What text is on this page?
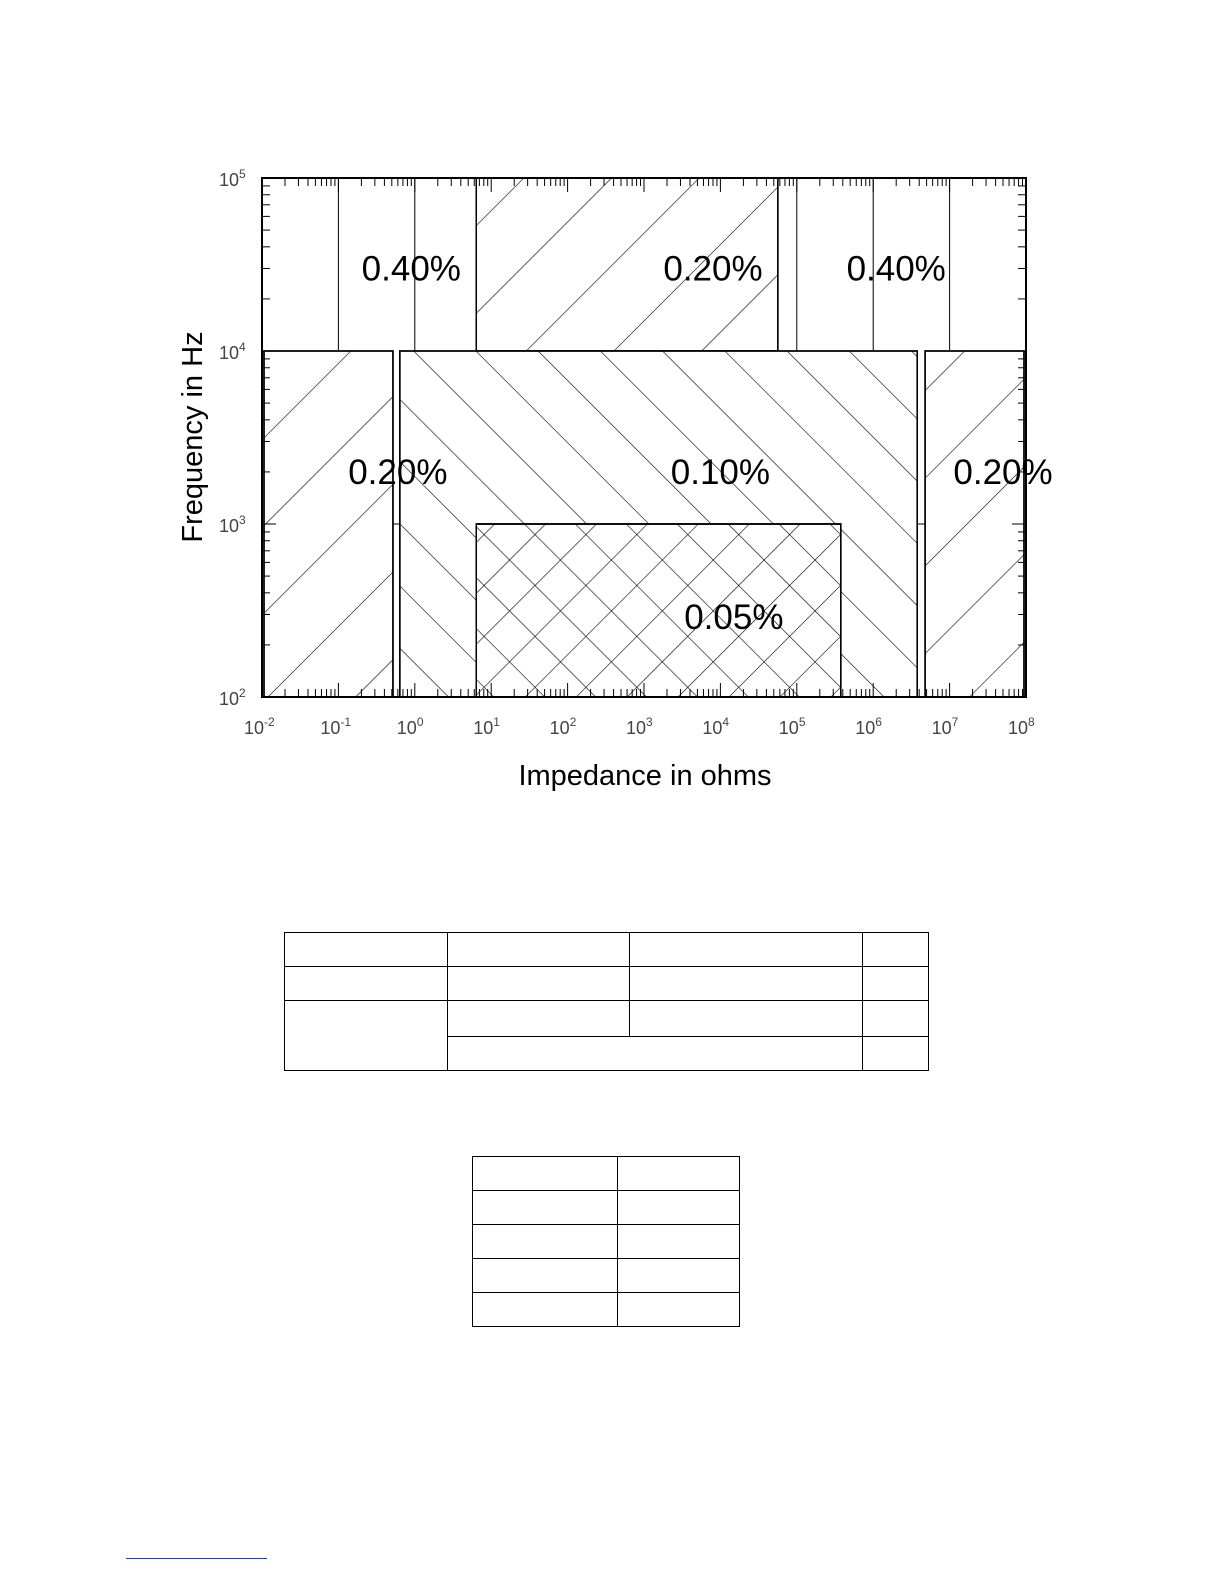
$10^{-2}$	$10^{-1}$	$10^0$	$10^1$	$10^2$	$10^3$	$10^4$	$10^5$	$10^6$	$10^7$	$10^8$
$10^2$
$10^3$
$10^4$
$10^5$
0.40%	0.20% 0.40%
0.20%	0.10%	0.20%
0.05%
Impedance in ohms
Frequency in Hz
